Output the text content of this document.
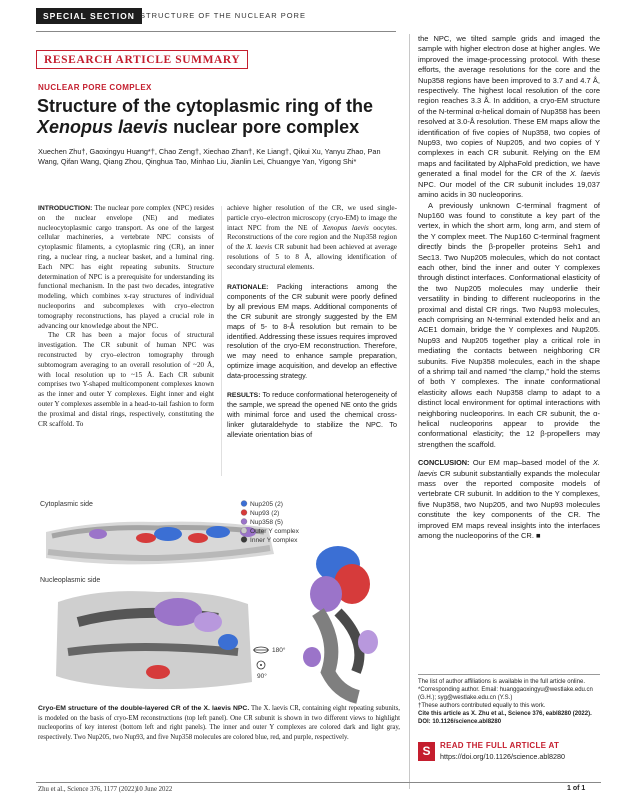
SPECIAL SECTION STRUCTURE OF THE NUCLEAR PORE
RESEARCH ARTICLE SUMMARY
NUCLEAR PORE COMPLEX
Structure of the cytoplasmic ring of the Xenopus laevis nuclear pore complex
Xuechen Zhu†, Gaoxingyu Huang*†, Chao Zeng†, Xiechao Zhan†, Ke Liang†, Qikui Xu, Yanyu Zhao, Pan Wang, Qifan Wang, Qiang Zhou, Qinghua Tao, Minhao Liu, Jianlin Lei, Chuangye Yan, Yigong Shi*

INTRODUCTION: The nuclear pore complex (NPC) resides on the nuclear envelope (NE) and mediates nucleocytoplasmic cargo transport. As one of the largest cellular machineries, a vertebrate NPC consists of cytoplasmic filaments, a cytoplasmic ring (CR), an inner ring, a nuclear ring, a nuclear basket, and a luminal ring. Each NPC has eight repeating subunits. Structure determination of NPC is a prerequisite for understanding its functional mechanism. In the past two decades, integrative modeling, which combines x-ray structures of individual nucleoporins and subcomplexes with cryo–electron tomography reconstructions, has played a crucial role in advancing our knowledge about the NPC.

The CR has been a major focus of structural investigation. The CR subunit of human NPC was reconstructed by cryo–electron tomography through subtomogram averaging to an overall resolution of ~20 Å, with local resolution up to ~15 Å. Each CR subunit comprises two Y-shaped multicomponent complexes known as the inner and outer Y complexes. Eight inner and eight outer Y complexes assemble in a head-to-tail fashion to form the proximal and distal rings, respectively, constituting the CR scaffold. To

achieve higher resolution of the CR, we used single-particle cryo–electron microscopy (cryo-EM) to image the intact NPC from the NE of Xenopus laevis oocytes. Reconstructions of the core region and the Nup358 region of the X. laevis CR subunit had been achieved at average resolutions of 5 to 8 Å, allowing identification of secondary structural elements.

RATIONALE: Packing interactions among the components of the CR subunit were poorly defined by all previous EM maps. Additional components of the CR subunit are strongly suggested by the EM maps of 5- to 8-Å resolution but remain to be identified. Addressing these issues requires improved resolution of the cryo-EM reconstruction. Therefore, we may need to enhance sample preparation, optimize image acquisition, and develop an effective data-processing strategy.

RESULTS: To reduce conformational heterogeneity of the sample, we spread the opened NE onto the grids with minimal force and used the chemical cross-linker glutaraldehyde to stabilize the NPC. To alleviate orientation bias of

the NPC, we tilted sample grids and imaged the sample with higher electron dose at higher angles. We improved the image-processing protocol. With these efforts, the average resolutions for the core and the Nup358 regions have been improved to 3.7 and 4.7 Å, respectively. The highest local resolution of the core region reaches 3.3 Å. In addition, a cryo-EM structure of the N-terminal α-helical domain of Nup358 has been resolved at 3.0-Å resolution. These EM maps allow the identification of five copies of Nup358, two copies of Nup93, two copies of Nup205, and two copies of Y complexes in each CR subunit. Relying on the EM maps and facilitated by AlphaFold prediction, we have generated a final model for the CR of the X. laevis NPC. Our model of the CR subunit includes 19,037 amino acids in 30 nucleoporins.

A previously unknown C-terminal fragment of Nup160 was found to constitute a key part of the vertex, in which the short arm, long arm, and stem of the Y complex meet. The Nup160 C-terminal fragment directly binds the β-propeller proteins Seh1 and Sec13. Two Nup205 molecules, which do not contact each other, bind the inner and outer Y complexes through distinct interfaces. Conformational elasticity of the two Nup205 molecules may underlie their versatility in binding to different nucleoporins in the proximal and distal CR rings. Two Nup93 molecules, each comprising an N-terminal extended helix and an ACE1 domain, bridge the Y complexes and Nup205. Nup93 and Nup205 together play a critical role in mediating the contacts between neighboring CR subunits. Five Nup358 molecules, each in the shape of a shrimp tail and named “the clamp,” hold the stems of both Y complexes. The innate conformational elasticity allows each Nup358 clamp to adapt to a distinct local environment for optimal interactions with neighboring nucleoporins. In each CR subunit, the α-helical nucleoporins appear to provide the conformational elasticity; the 12 β-propellers may strengthen the scaffold.

CONCLUSION: Our EM map–based model of the X. laevis CR subunit substantially expands the molecular mass over the reported composite models of vertebrate CR subunit. In addition to the Y complexes, five Nup358, two Nup205, and two Nup93 molecules constitute the key components of the CR. The improved EM maps reveal insights into the interfaces among the nucleoporins of the CR. ■

Cytoplasmic side
Nucleoplasmic side
Nup205 (2)
Nup93 (2)
Nup358 (5)
Outer Y complex
Inner Y complex
180°
90°
Cryo-EM structure of the double-layered CR of the X. laevis NPC. The X. laevis CR, containing eight repeating subunits, is modeled on the basis of cryo-EM reconstructions (top left panel). One CR subunit is shown in two different views to highlight nucleoporins of key interest (bottom left and right panels). The inner and outer Y complexes are colored dark and light gray, respectively. Two Nup205, two Nup93, and five Nup358 molecules are colored blue, red, and purple, respectively.
The list of author affiliations is available in the full article online.
*Corresponding author. Email: huanggaoxingyu@westlake.edu.cn (G.H.); syg@westlake.edu.cn (Y.S.)
†These authors contributed equally to this work.
Cite this article as X. Zhu et al., Science 376, eabl8280 (2022). DOI: 10.1126/science.abl8280
S	READ THE FULL ARTICLE AT
https://doi.org/10.1126/science.abl8280
Zhu et al., Science 376, 1177 (2022) 10 June 2022	1 of 1
